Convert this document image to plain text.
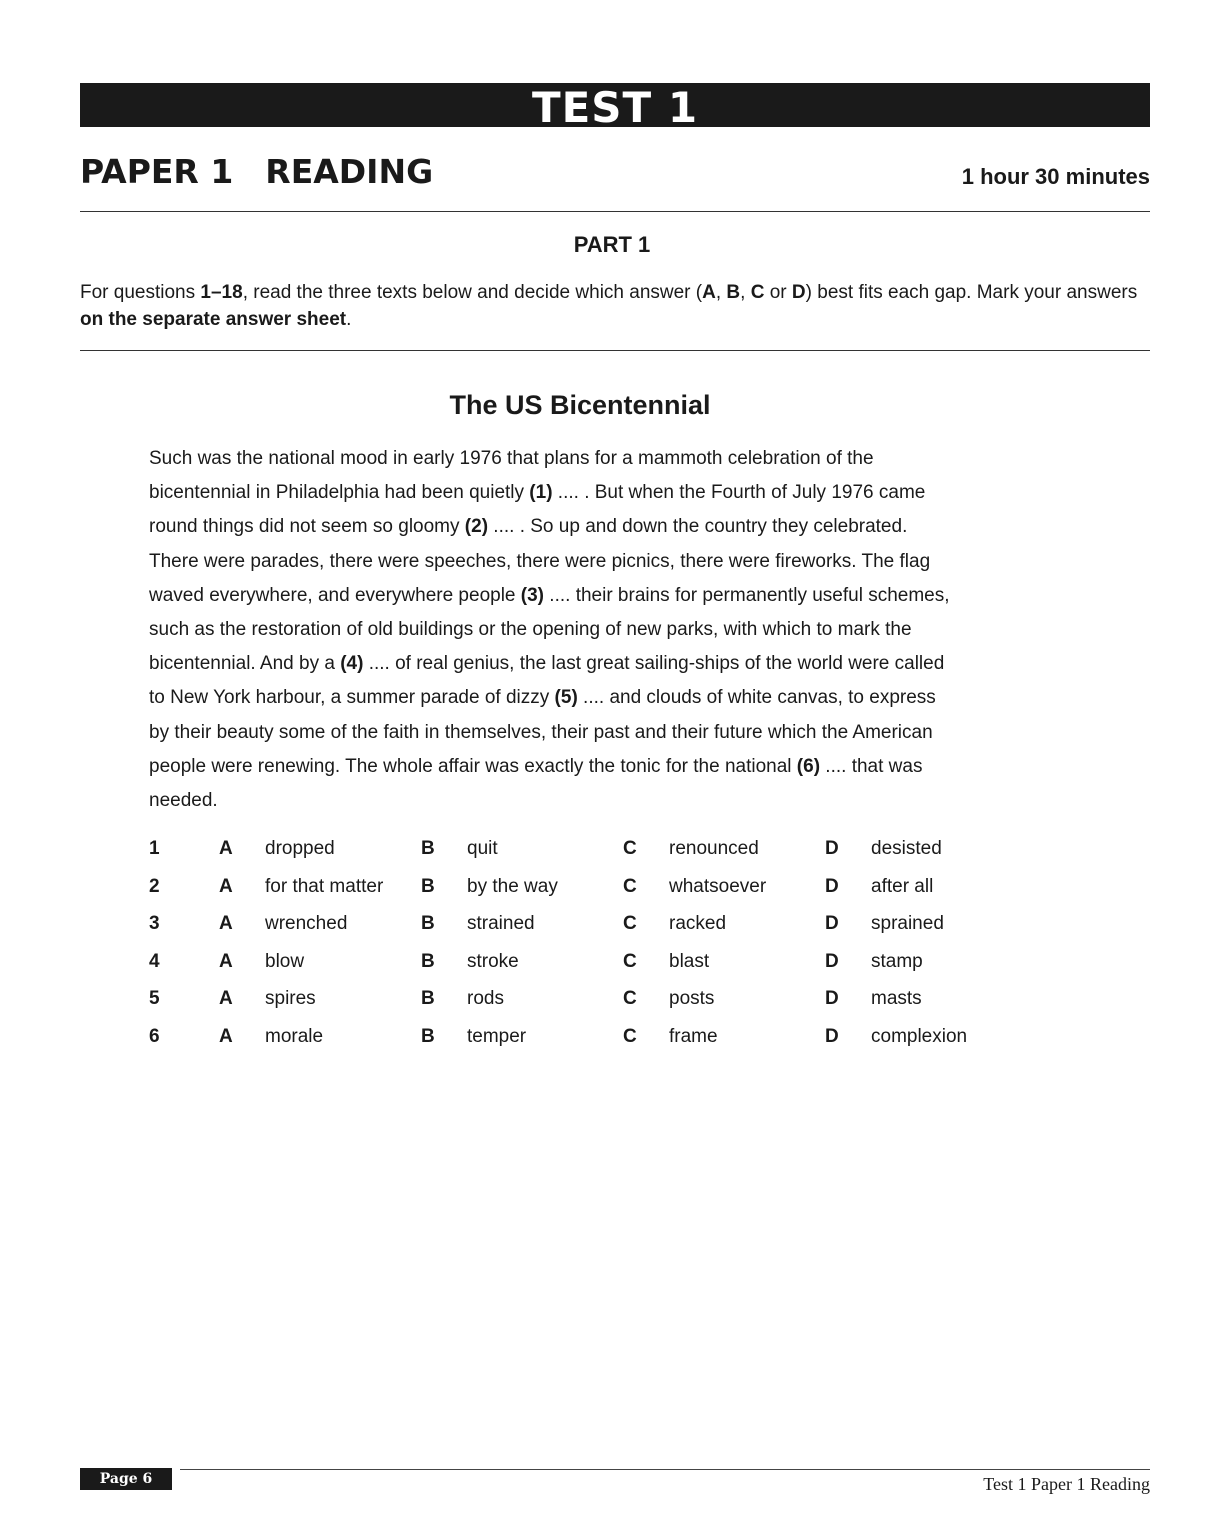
TEST 1
PAPER 1 READING	1 hour 30 minutes
PART 1

For questions 1–18, read the three texts below and decide which answer (A, B, C or D) best fits each gap. Mark your answers on the separate answer sheet.

The US Bicentennial
Such was the national mood in early 1976 that plans for a mammoth celebration of the
bicentennial in Philadelphia had been quietly (1) .... . But when the Fourth of July 1976 came
round things did not seem so gloomy (2) .... . So up and down the country they celebrated.
There were parades, there were speeches, there were picnics, there were fireworks. The flag
waved everywhere, and everywhere people (3) .... their brains for permanently useful schemes,
such as the restoration of old buildings or the opening of new parks, with which to mark the
bicentennial. And by a (4) .... of real genius, the last great sailing-ships of the world were called
to New York harbour, a summer parade of dizzy (5) .... and clouds of white canvas, to express
by their beauty some of the faith in themselves, their past and their future which the American
people were renewing. The whole affair was exactly the tonic for the national (6) .... that was
needed.
1	A dropped	B quit	C renounced	D desisted
2	A for that matter B by the way	C whatsoever	D after all
3	A wrenched	B strained	C racked	D sprained
4	A blow	B stroke	C blast	D stamp
5	A spires	B rods	C posts	D masts
6	A morale	B temper	C frame	D complexion
Page 6	Test 1 Paper 1 Reading
